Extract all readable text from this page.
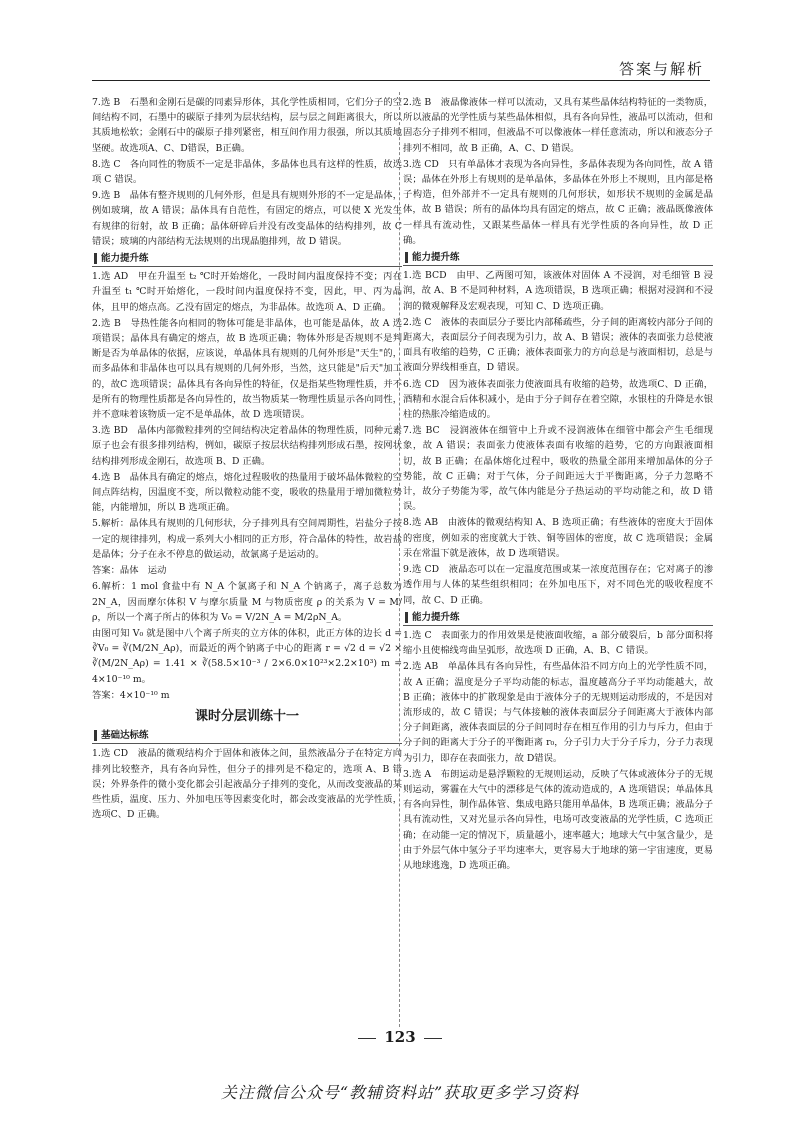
答案与解析
7.选 B　石墨和金刚石是碳的同素异形体，其化学性质相同，它们分子的空间结构不同，石墨中的碳原子排列为层状结构，层与层之间距离很大，所以其质地松软；金刚石中的碳原子排列紧密，相互间作用力很强，所以其质地坚硬。故选项A、C、D错误，B正确。
8.选 C　各向同性的物质不一定是非晶体，多晶体也具有这样的性质，故选项 C 错误。
9.选 B　晶体有整齐规则的几何外形，但是具有规则外形的不一定是晶体，例如玻璃，故 A 错误；晶体具有自范性，有固定的熔点，可以使 X 光发生有规律的衍射，故 B 正确；晶体研碎后并没有改变晶体的结构排列，故 C 错误；玻璃的内部结构无法规则的出现晶胞排列，故 D 错误。
能力提升练
1.选 AD　甲在升温至 t₂ ℃时开始熔化，一段时间内温度保持不变；丙在升温至 t₁ ℃时开始熔化，一段时间内温度保持不变，因此，甲、丙为晶体，且甲的熔点高。乙没有固定的熔点，为非晶体。故选项 A、D 正确。
2.选 B　导热性能各向相同的物体可能是非晶体，也可能是晶体，故 A 选项错误；晶体具有确定的熔点，故 B 选项正确；物体外形是否规则不是判断是否为单晶体的依据，应该说，单晶体具有规则的几何外形是"天生"的，而多晶体和非晶体也可以具有规则的几何外形，当然，这只能是"后天"加工的，故C 选项错误；晶体具有各向异性的特征，仅是指某些物理性质，并不是所有的物理性质都是各向异性的，故当物质某一物理性质显示各向同性，并不意味着该物质一定不是单晶体，故 D 选项错误。
3.选 BD　晶体内部微粒排列的空间结构决定着晶体的物理性质，同种元素原子也会有很多排列结构，例如，碳原子按层状结构排列形成石墨，按网状结构排列形成金刚石，故选项 B、D 正确。
4.选 B　晶体具有确定的熔点，熔化过程吸收的热量用于破坏晶体微粒的空间点阵结构，因温度不变，所以微粒动能不变，吸收的热量用于增加微粒势能，内能增加，所以 B 选项正确。
5.解析：晶体具有规则的几何形状，分子排列具有空间周期性，岩盐分子按一定的规律排列，构成一系列大小相同的正方形，符合晶体的特性，故岩盐是晶体；分子在永不停息的做运动，故氯离子是运动的。
答案：晶体　运动
6.解析：1 mol 食盐中有 N_A 个氯离子和 N_A 个钠离子，离子总数为 2N_A，因而摩尔体积 V 与摩尔质量 M 与物质密度 ρ 的关系为 V = M/ρ，所以一个离子所占的体积为 V₀ = V/2N_A = M/2ρN_A。
由图可知 V₀ 就是图中八个离子所夹的立方体的体积，此正方体的边长 d = ∛V₀ = ∛(M/2N_Aρ)，而最近的两个钠离子中心的距离 r = √2 d = √2 × ∛(M/2N_Aρ) = 1.41 × ∛(58.5×10⁻³ / 2×6.0×10²³×2.2×10³) m = 4×10⁻¹⁰ m。
答案：4×10⁻¹⁰ m
课时分层训练十一
基础达标练
1.选 CD　液晶的微观结构介于固体和液体之间，虽然液晶分子在特定方向排列比较整齐，具有各向异性，但分子的排列是不稳定的，选项 A、B 错误；外界条件的微小变化都会引起液晶分子排列的变化，从而改变液晶的某些性质，温度、压力、外加电压等因素变化时，都会改变液晶的光学性质，选项C、D 正确。
2.选 B　液晶像液体一样可以流动，又具有某些晶体结构特征的一类物质，所以液晶的光学性质与某些晶体相似，具有各向异性，液晶可以流动，但和固态分子排列不相同，但液晶不可以像液体一样任意流动，所以和液态分子排列不相同，故 B 正确，A、C、D 错误。
3.选 CD　只有单晶体才表现为各向异性，多晶体表现为各向同性，故 A 错误；晶体在外形上有规则的是单晶体，多晶体在外形上不规则，且内部是格子构造，但外部并不一定具有规则的几何形状，如形状不规则的金属是晶体，故 B 错误；所有的晶体均具有固定的熔点，故 C 正确；液晶既像液体一样具有流动性，又跟某些晶体一样具有光学性质的各向异性，故 D 正确。
能力提升练
1.选 BCD　由甲、乙两图可知，该液体对固体 A 不浸润，对毛细管 B 浸润，故 A、B 不是同种材料，A 选项错误，B 选项正确；根据对浸润和不浸润的微观解释及宏观表现，可知 C、D 选项正确。
2.选 C　液体的表面层分子要比内部稀疏些，分子间的距离较内部分子间的距离大，表面层分子间表现为引力，故 A、B 错误；液体的表面张力总使液面具有收缩的趋势，C 正确；液体表面张力的方向总是与液面相切，总是与液面分界线相垂直，D 错误。
6.选 CD　因为液体表面张力使液面具有收缩的趋势，故选项C、D 正确，酒精和水混合后体积减小，是由于分子间存在着空隙，水银柱的升降是水银柱的热胀冷缩造成的。
7.选 BC　浸润液体在细管中上升或不浸润液体在细管中都会产生毛细现象，故 A 错误；表面张力使液体表面有收缩的趋势，它的方向跟液面相切，故 B 正确；在晶体熔化过程中，吸收的热量全部用来增加晶体的分子势能，故 C 正确；对于气体，分子间距远大于平衡距离，分子力忽略不计，故分子势能为零，故气体内能是分子热运动的平均动能之和，故 D 错误。
8.选 AB　由液体的微观结构知 A、B 选项正确；有些液体的密度大于固体的密度，例如汞的密度就大于铁、铜等固体的密度，故 C 选项错误；金属汞在常温下就是液体，故 D 选项错误。
9.选 CD　液晶态可以在一定温度范围或某一浓度范围存在；它对离子的渗透作用与人体的某些组织相同；在外加电压下，对不同色光的吸收程度不同，故 C、D 正确。
能力提升练
1.选 C　表面张力的作用效果是使液面收缩，a 部分破裂后，b 部分面积将缩小且使棉线弯曲呈弧形，故选项 D 正确，A、B、C 错误。
2.选 AB　单晶体具有各向异性，有些晶体沿不同方向上的光学性质不同，故 A 正确；温度是分子平均动能的标志，温度越高分子平均动能越大，故 B 正确；液体中的扩散现象是由于液体分子的无规则运动形成的，不是因对流形成的，故 C 错误；与气体接触的液体表面层分子间距离大于液体内部分子间距离，液体表面层的分子间同时存在相互作用的引力与斥力，但由于分子间的距离大于分子的平衡距离 r₀，分子引力大于分子斥力，分子力表现为引力，即存在表面张力，故 D错误。
3.选 A　布朗运动是悬浮颗粒的无规则运动，反映了气体或液体分子的无规则运动，雾霾在大气中的漂移是气体的流动造成的，A 选项错误；单晶体具有各向异性，制作晶体管、集成电路只能用单晶体，B 选项正确；液晶分子具有流动性，又对光显示各向异性，电场可改变液晶的光学性质，C 选项正确；在动能一定的情况下，质量越小，速率越大；地球大气中氢含量少，是由于外层气体中氢分子平均速率大，更容易大于地球的第一宇宙速度，更易从地球逃逸，D 选项正确。
123
关注微信公众号“教辅资料站”获取更多学习资料
